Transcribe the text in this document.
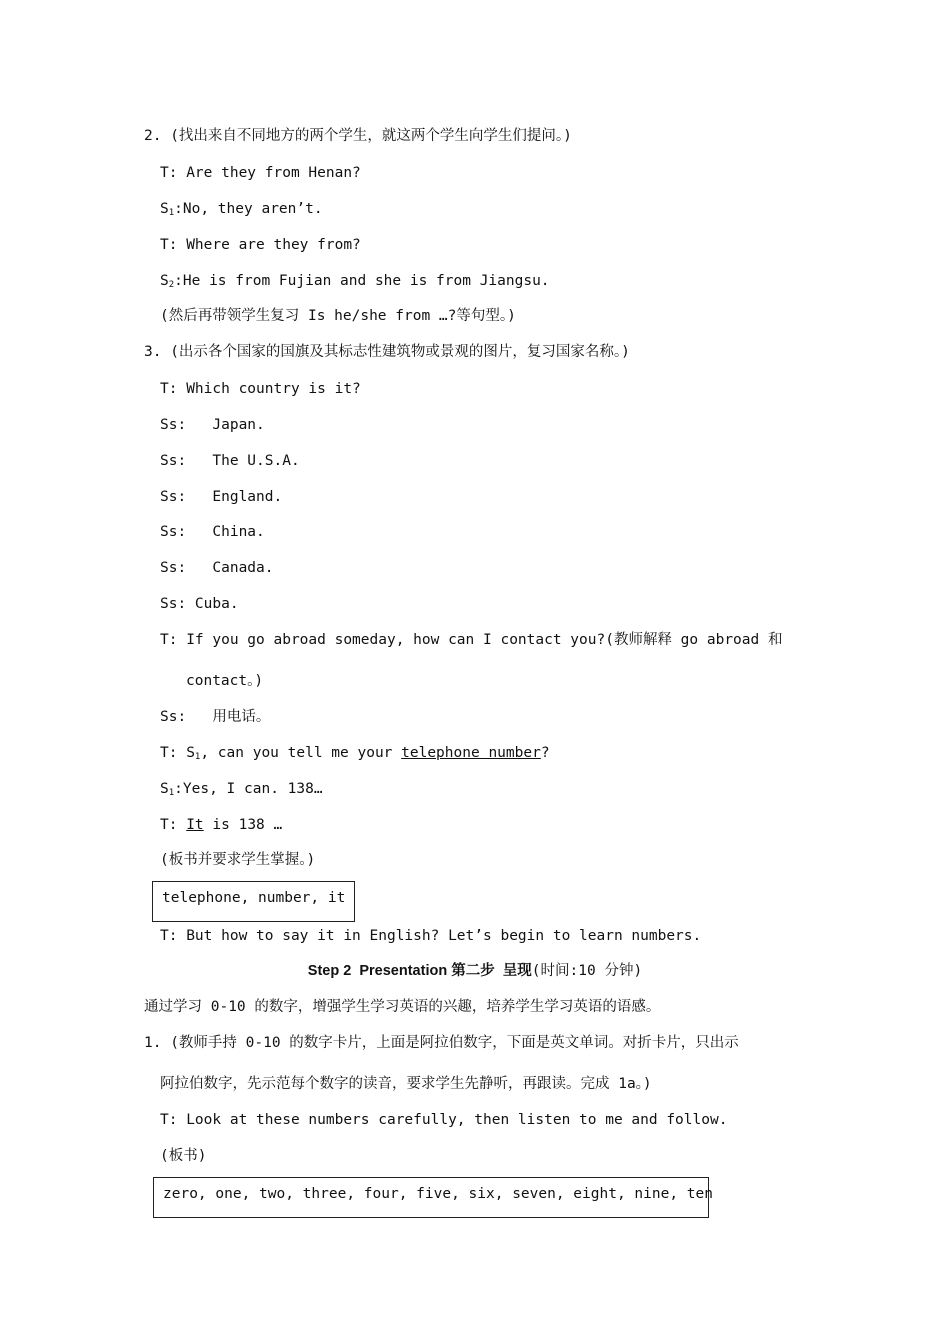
2. (找出来自不同地方的两个学生，就这两个学生向学生们提问。)
T: Are they from Henan?
$S_1:No$, they aren’t.
T: Where are they from?
$S_2:He$ is from Fujian and she is from Jiangsu.
(然后再带领学生复习 Is he/she from …?等句型。)
3. (出示各个国家的国旗及其标志性建筑物或景观的图片，复习国家名称。)
T: Which country is it?
Ss:   Japan.
Ss:   The U.S.A.
Ss:   England.
Ss:   China.
Ss:   Canada.
Ss: Cuba.
T: If you go abroad someday, how can I contact you?(教师解释 go abroad 和
contact。)
Ss:   用电话。
T: $S_1$, can you tell me your telephone number?
$S_1:Yes$, I can. 138…
T: It is 138 …
(板书并要求学生掌握。)
telephone, number, it
T: But how to say it in English? Let’s begin to learn numbers.
Step 2  Presentation 第二步  呈现(时间:10 分钟)
通过学习 0-10 的数字，增强学生学习英语的兴趣，培养学生学习英语的语感。
1. (教师手持 0-10 的数字卡片，上面是阿拉伯数字，下面是英文单词。对折卡片，只出示
阿拉伯数字，先示范每个数字的读音，要求学生先静听，再跟读。完成 1a。)
T: Look at these numbers carefully, then listen to me and follow.
(板书)
zero, one, two, three, four, five, six, seven, eight, nine, ten
